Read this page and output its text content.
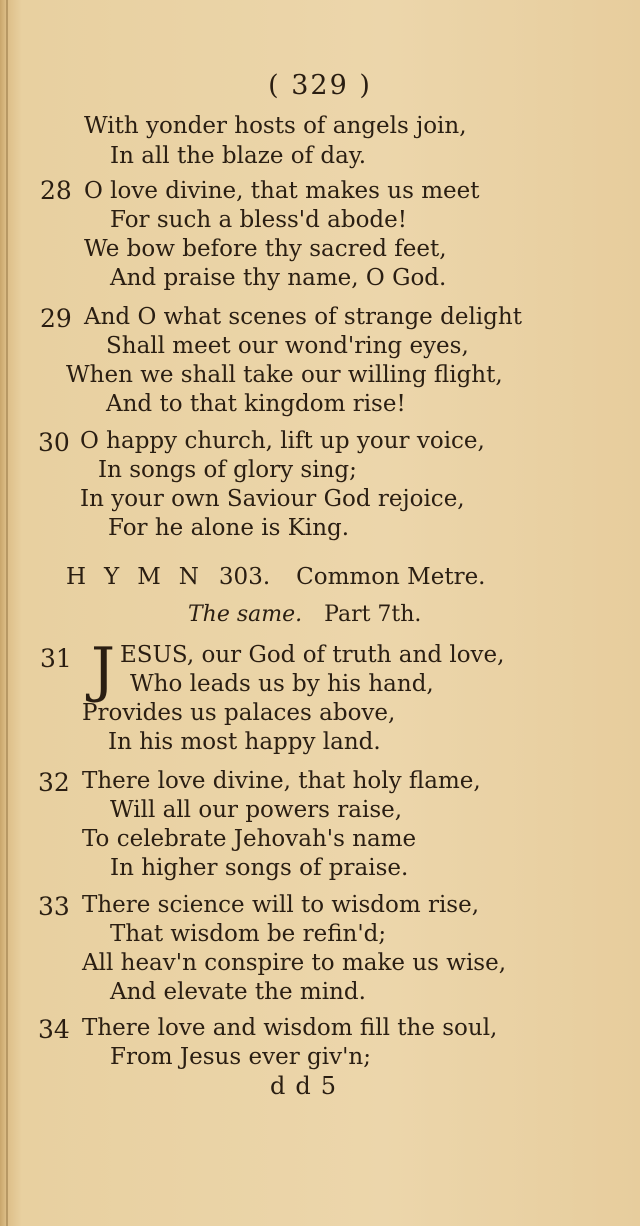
( 329 )
With yonder hosts of angels join,
In all the blaze of day.
28 O love divine, that makes us meet
For such a bless'd abode!
We bow before thy sacred feet,
And praise thy name, O God.
29 And O what scenes of strange delight
Shall meet our wond'ring eyes,
When we shall take our willing flight,
And to that kingdom rise!
30 O happy church, lift up your voice,
In songs of glory sing;
In your own Saviour God rejoice,
For he alone is King.
HYMN303. Common Metre.
The same. Part 7th.
31 J ESUS, our God of truth and love,
Who leads us by his hand,
Provides us palaces above,
In his most happy land.
32 There love divine, that holy flame,
Will all our powers raise,
To celebrate Jehovah's name
In higher songs of praise.
33 There science will to wisdom rise,
That wisdom be refin'd;
All heav'n conspire to make us wise,
And elevate the mind.
34 There love and wisdom fill the soul,
From Jesus ever giv'n;
dd5
